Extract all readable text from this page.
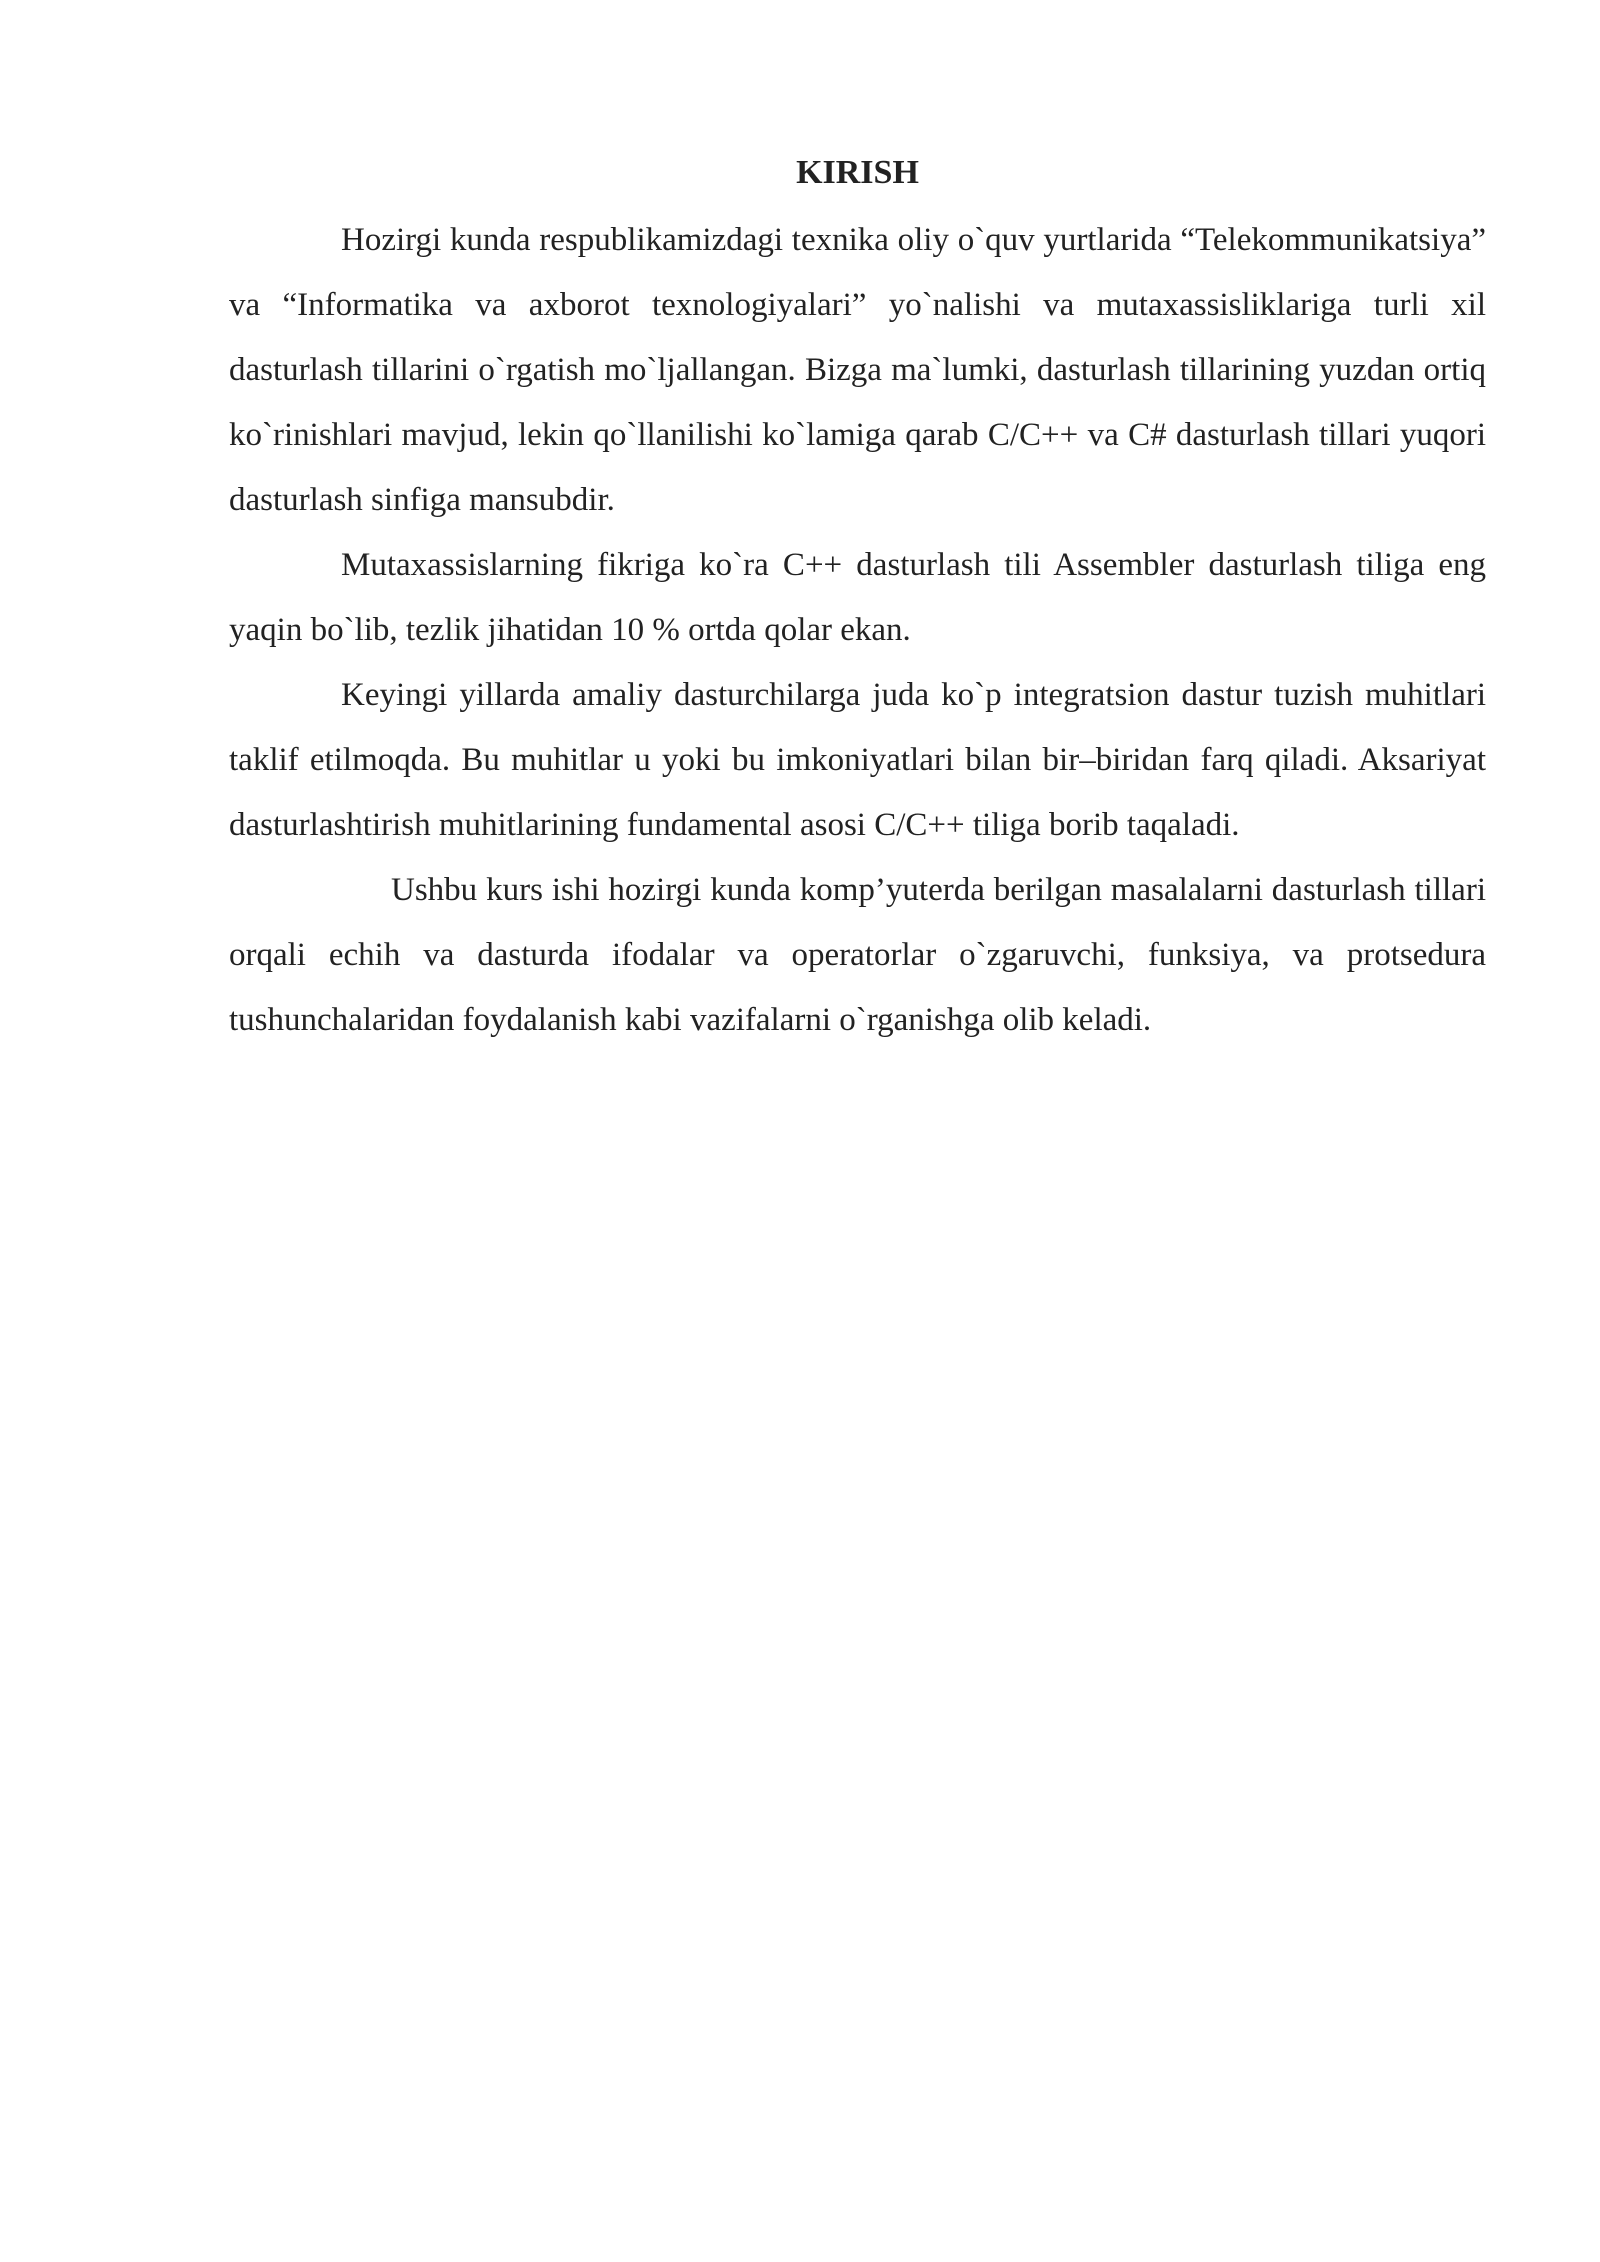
KIRISH

Hozirgi kunda respublikamizdagi texnika oliy o`quv yurtlarida “Telekommunikatsiya” va “Informatika va axborot texnologiyalari” yo`nalishi va mutaxassisliklariga turli xil dasturlash tillarini o`rgatish mo`ljallangan. Bizga ma`lumki, dasturlash tillarining yuzdan ortiq ko`rinishlari mavjud, lekin qo`llanilishi ko`lamiga qarab C/C++ va C# dasturlash tillari yuqori dasturlash sinfiga mansubdir.

Mutaxassislarning fikriga ko`ra C++ dasturlash tili Assembler dasturlash tiliga eng yaqin bo`lib, tezlik jihatidan 10 % ortda qolar ekan.

Keyingi yillarda amaliy dasturchilarga juda ko`p integratsion dastur tuzish muhitlari taklif etilmoqda. Bu muhitlar u yoki bu imkoniyatlari bilan bir–biridan farq qiladi. Aksariyat dasturlashtirish muhitlarining fundamental asosi C/C++ tiliga borib taqaladi.

Ushbu kurs ishi hozirgi kunda komp’yuterda berilgan masalalarni dasturlash tillari orqali echih va dasturda ifodalar va operatorlar o`zgaruvchi, funksiya, va protsedura tushunchalaridan foydalanish kabi vazifalarni o`rganishga olib keladi.
